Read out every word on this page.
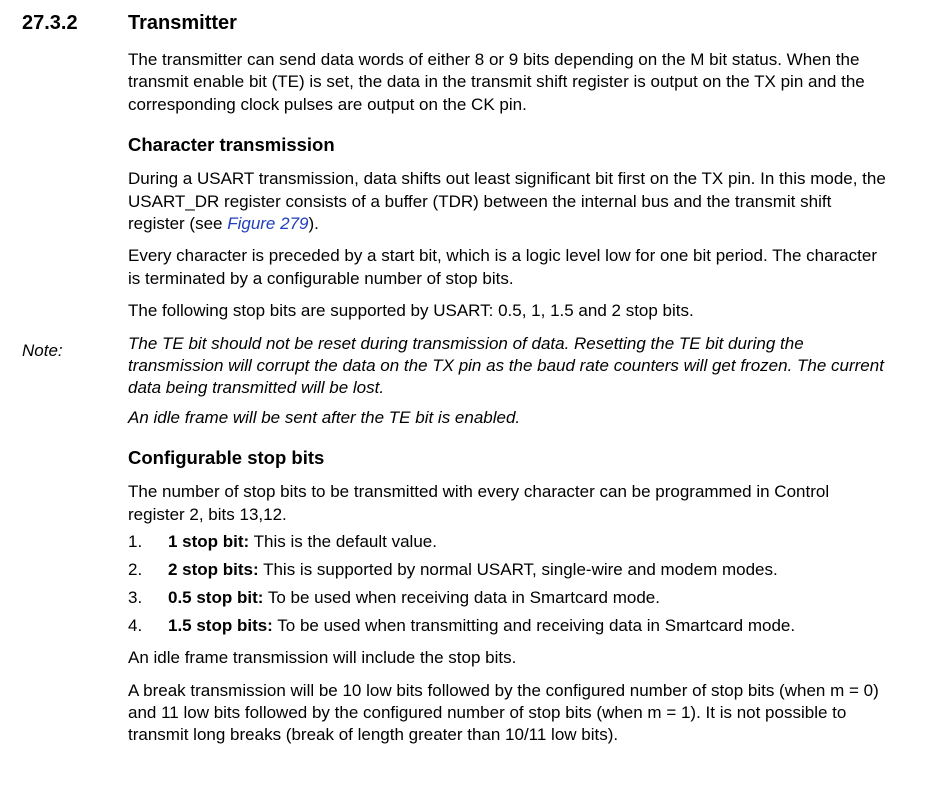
27.3.2	Transmitter
Note:

The transmitter can send data words of either 8 or 9 bits depending on the M bit status. When the transmit enable bit (TE) is set, the data in the transmit shift register is output on the TX pin and the corresponding clock pulses are output on the CK pin.

Character transmission

During a USART transmission, data shifts out least significant bit first on the TX pin. In this mode, the USART_DR register consists of a buffer (TDR) between the internal bus and the transmit shift register (see Figure 279).

Every character is preceded by a start bit, which is a logic level low for one bit period. The character is terminated by a configurable number of stop bits.

The following stop bits are supported by USART: 0.5, 1, 1.5 and 2 stop bits.

The TE bit should not be reset during transmission of data. Resetting the TE bit during the transmission will corrupt the data on the TX pin as the baud rate counters will get frozen. The current data being transmitted will be lost.

An idle frame will be sent after the TE bit is enabled.

Configurable stop bits

The number of stop bits to be transmitted with every character can be programmed in Control register 2, bits 13,12.

1. 1 stop bit: This is the default value.
2. 2 stop bits: This is supported by normal USART, single-wire and modem modes.
3. 0.5 stop bit: To be used when receiving data in Smartcard mode.
4. 1.5 stop bits: To be used when transmitting and receiving data in Smartcard mode.

An idle frame transmission will include the stop bits.

A break transmission will be 10 low bits followed by the configured number of stop bits (when m = 0) and 11 low bits followed by the configured number of stop bits (when m = 1). It is not possible to transmit long breaks (break of length greater than 10/11 low bits).
